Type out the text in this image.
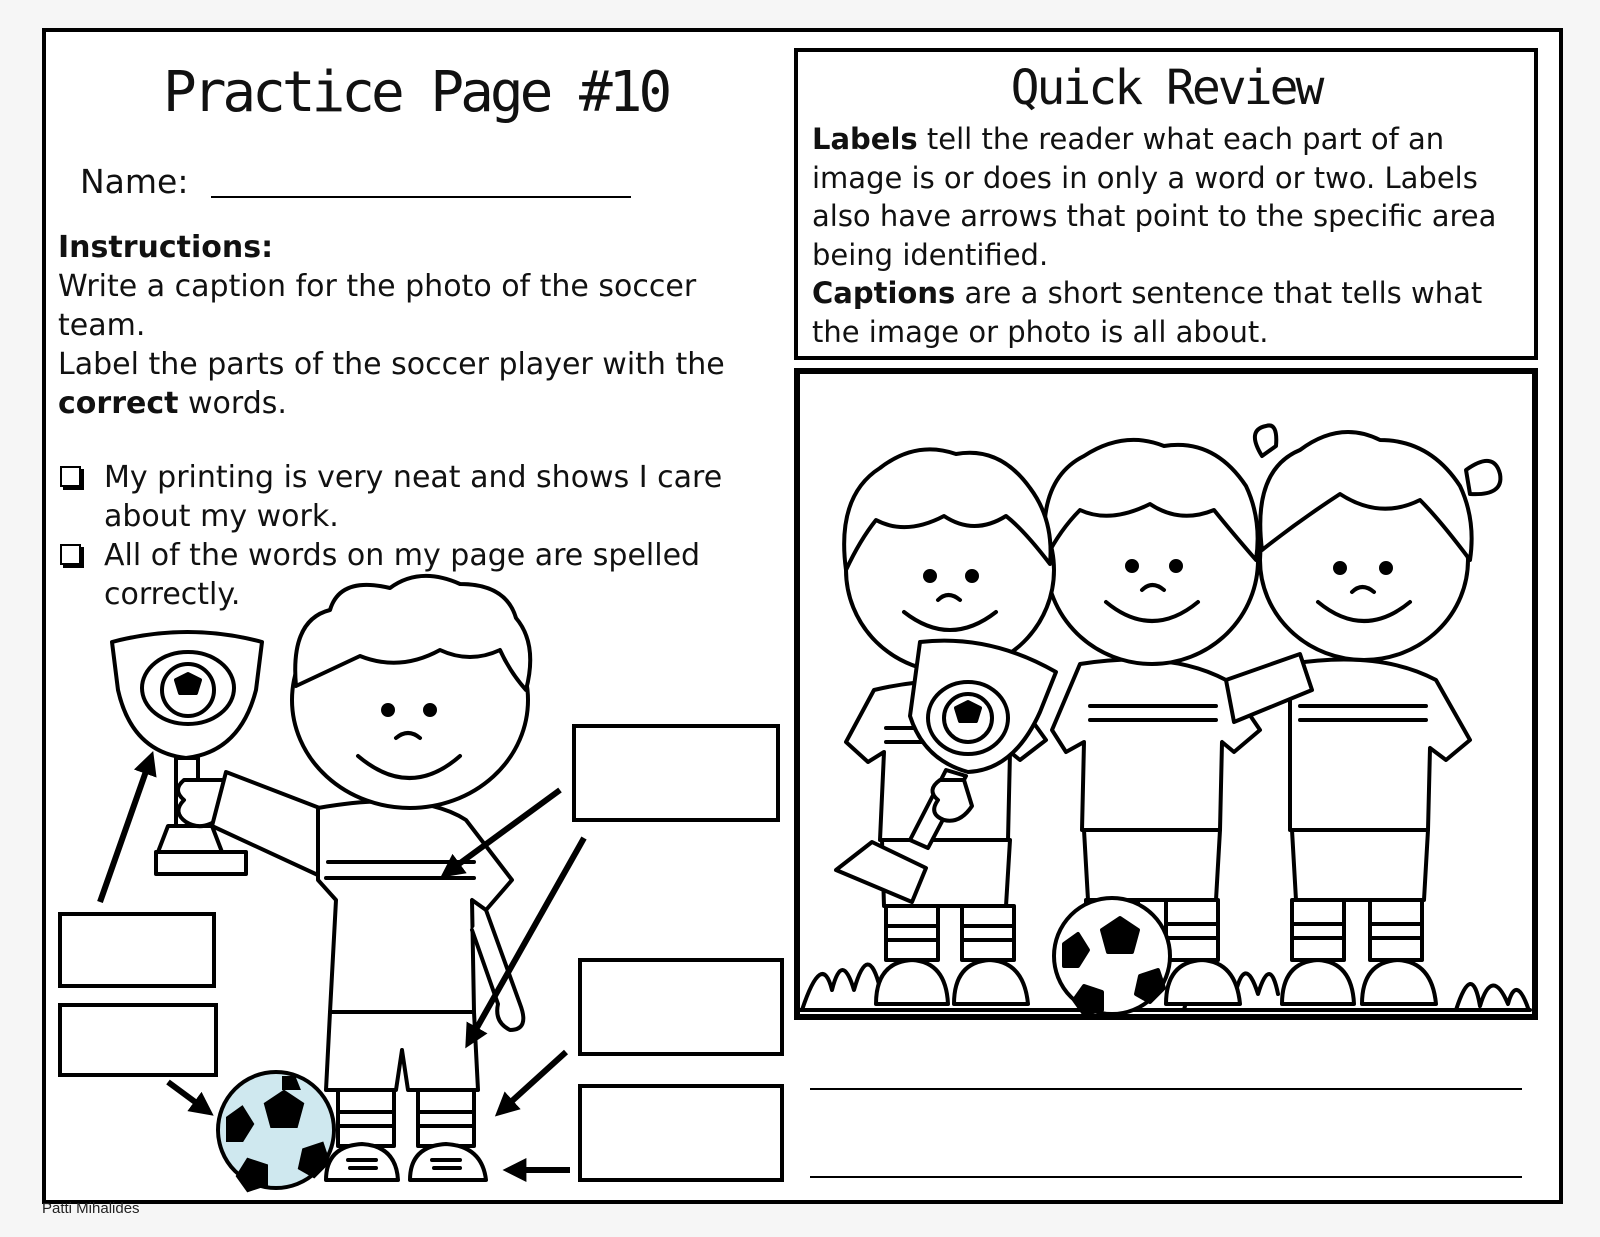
Practice Page #10
Name:
Instructions:
Write a caption for the photo of the soccer team.
Label the parts of the soccer player with the correct words.
My printing is very neat and shows I care about my work.
All of the words on my page are spelled correctly.
Quick Review
Labels tell the reader what each part of an image is or does in only a word or two. Labels also have arrows that point to the specific area being identified.
Captions are a short sentence that tells what the image or photo is all about.
Patti Mihalides
